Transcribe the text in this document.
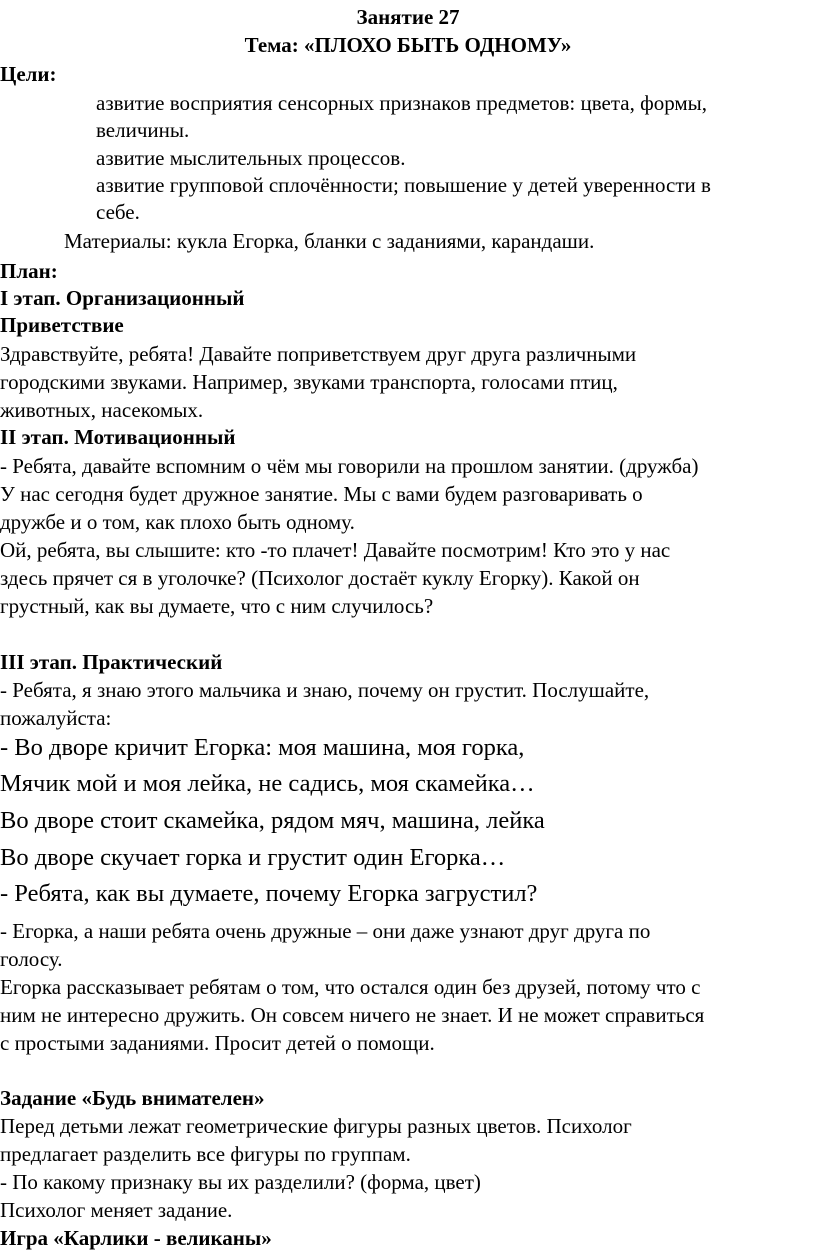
Занятие 27
Тема: «ПЛОХО БЫТЬ ОДНОМУ»
Цели:
азвитие восприятия сенсорных признаков предметов: цвета, формы,
величины.
азвитие мыслительных процессов.
азвитие групповой сплочённости; повышение у детей уверенности в
себе.
Материалы: кукла Егорка, бланки с заданиями, карандаши.
План:
I этап. Организационный
Приветствие
Здравствуйте, ребята! Давайте поприветствуем друг друга различными
городскими звуками. Например, звуками транспорта, голосами птиц,
животных, насекомых.
II этап. Мотивационный
- Ребята, давайте вспомним о чём мы говорили на прошлом занятии. (дружба)
У нас сегодня будет дружное занятие. Мы с вами будем разговаривать о
дружбе и о том, как плохо быть одному.
Ой, ребята, вы слышите: кто -то плачет! Давайте посмотрим! Кто это у нас
здесь прячет ся в уголочке? (Психолог достаёт куклу Егорку). Какой он
грустный, как вы думаете, что с ним случилось?
III этап. Практический
- Ребята, я знаю этого мальчика и знаю, почему он грустит. Послушайте,
пожалуйста:
- Во дворе кричит Егорка: моя машина, моя горка,
Мячик мой и моя лейка, не садись, моя скамейка…
Во дворе стоит скамейка, рядом мяч, машина, лейка
Во дворе скучает горка и грустит один Егорка…
- Ребята, как вы думаете, почему Егорка загрустил?
- Егорка, а наши ребята очень дружные – они даже узнают друг друга по
голосу.
Егорка рассказывает ребятам о том, что остался один без друзей, потому что с
ним не интересно дружить. Он совсем ничего не знает. И не может справиться
с простыми заданиями. Просит детей о помощи.
Задание «Будь внимателен»
Перед детьми лежат геометрические фигуры разных цветов. Психолог
предлагает разделить все фигуры по группам.
- По какому признаку вы их разделили? (форма, цвет)
Психолог меняет задание.
Игра «Карлики - великаны»
